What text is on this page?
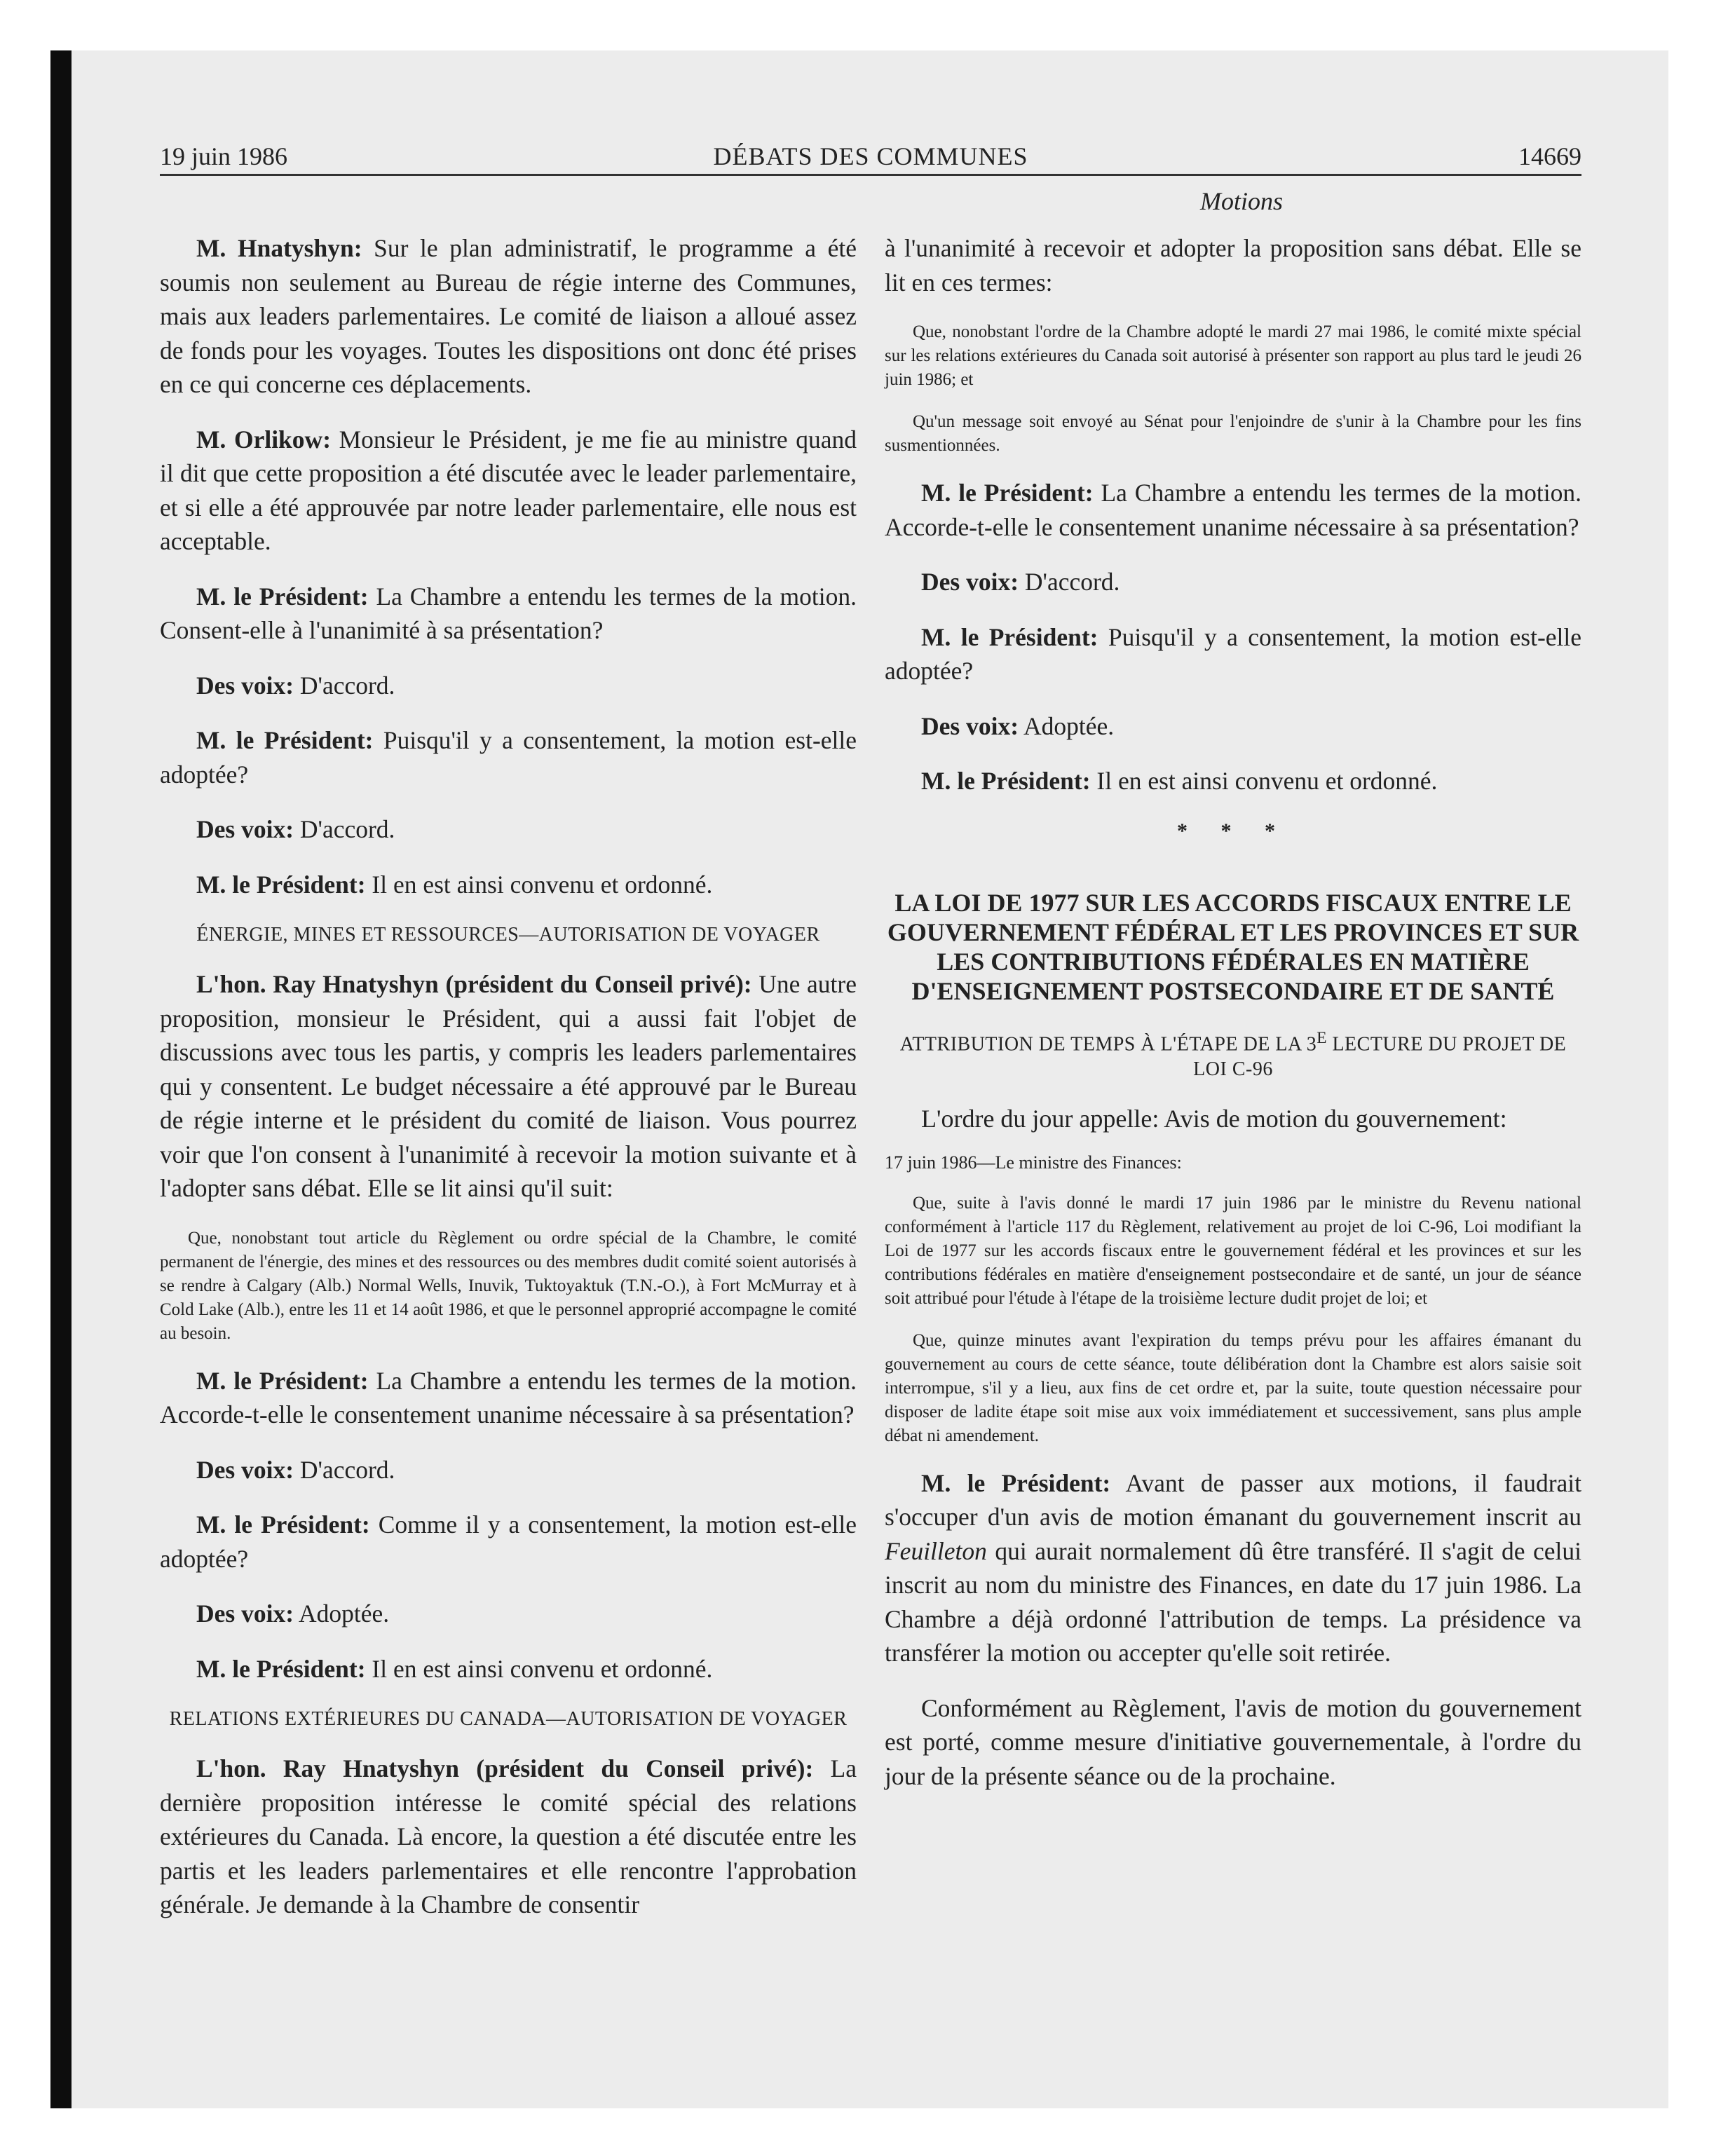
19 juin 1986	DÉBATS DES COMMUNES	14669
Motions

M. Hnatyshyn: Sur le plan administratif, le programme a été soumis non seulement au Bureau de régie interne des Communes, mais aux leaders parlementaires. Le comité de liaison a alloué assez de fonds pour les voyages. Toutes les dispositions ont donc été prises en ce qui concerne ces déplacements.

M. Orlikow: Monsieur le Président, je me fie au ministre quand il dit que cette proposition a été discutée avec le leader parlementaire, et si elle a été approuvée par notre leader parlementaire, elle nous est acceptable.

M. le Président: La Chambre a entendu les termes de la motion. Consent-elle à l'unanimité à sa présentation?

Des voix: D'accord.

M. le Président: Puisqu'il y a consentement, la motion est-elle adoptée?

Des voix: D'accord.

M. le Président: Il en est ainsi convenu et ordonné.

ÉNERGIE, MINES ET RESSOURCES—AUTORISATION DE VOYAGER

L'hon. Ray Hnatyshyn (président du Conseil privé): Une autre proposition, monsieur le Président, qui a aussi fait l'objet de discussions avec tous les partis, y compris les leaders parlementaires qui y consentent. Le budget nécessaire a été approuvé par le Bureau de régie interne et le président du comité de liaison. Vous pourrez voir que l'on consent à l'unanimité à recevoir la motion suivante et à l'adopter sans débat. Elle se lit ainsi qu'il suit:

Que, nonobstant tout article du Règlement ou ordre spécial de la Chambre, le comité permanent de l'énergie, des mines et des ressources ou des membres dudit comité soient autorisés à se rendre à Calgary (Alb.) Normal Wells, Inuvik, Tuktoyaktuk (T.N.-O.), à Fort McMurray et à Cold Lake (Alb.), entre les 11 et 14 août 1986, et que le personnel approprié accompagne le comité au besoin.

M. le Président: La Chambre a entendu les termes de la motion. Accorde-t-elle le consentement unanime nécessaire à sa présentation?

Des voix: D'accord.

M. le Président: Comme il y a consentement, la motion est-elle adoptée?

Des voix: Adoptée.

M. le Président: Il en est ainsi convenu et ordonné.

RELATIONS EXTÉRIEURES DU CANADA—AUTORISATION DE VOYAGER

L'hon. Ray Hnatyshyn (président du Conseil privé): La dernière proposition intéresse le comité spécial des relations extérieures du Canada. Là encore, la question a été discutée entre les partis et les leaders parlementaires et elle rencontre l'approbation générale. Je demande à la Chambre de consentir

à l'unanimité à recevoir et adopter la proposition sans débat. Elle se lit en ces termes:

Que, nonobstant l'ordre de la Chambre adopté le mardi 27 mai 1986, le comité mixte spécial sur les relations extérieures du Canada soit autorisé à présenter son rapport au plus tard le jeudi 26 juin 1986; et

Qu'un message soit envoyé au Sénat pour l'enjoindre de s'unir à la Chambre pour les fins susmentionnées.

M. le Président: La Chambre a entendu les termes de la motion. Accorde-t-elle le consentement unanime nécessaire à sa présentation?

Des voix: D'accord.

M. le Président: Puisqu'il y a consentement, la motion est-elle adoptée?

Des voix: Adoptée.

M. le Président: Il en est ainsi convenu et ordonné.

* * *

LA LOI DE 1977 SUR LES ACCORDS FISCAUX ENTRE LE GOUVERNEMENT FÉDÉRAL ET LES PROVINCES ET SUR LES CONTRIBUTIONS FÉDÉRALES EN MATIÈRE D'ENSEIGNEMENT POSTSECONDAIRE ET DE SANTÉ

ATTRIBUTION DE TEMPS À L'ÉTAPE DE LA $3^E$ LECTURE DU PROJET DE LOI C-96

L'ordre du jour appelle: Avis de motion du gouvernement:

17 juin 1986—Le ministre des Finances:

Que, suite à l'avis donné le mardi 17 juin 1986 par le ministre du Revenu national conformément à l'article 117 du Règlement, relativement au projet de loi C-96, Loi modifiant la Loi de 1977 sur les accords fiscaux entre le gouvernement fédéral et les provinces et sur les contributions fédérales en matière d'enseignement postsecondaire et de santé, un jour de séance soit attribué pour l'étude à l'étape de la troisième lecture dudit projet de loi; et

Que, quinze minutes avant l'expiration du temps prévu pour les affaires émanant du gouvernement au cours de cette séance, toute délibération dont la Chambre est alors saisie soit interrompue, s'il y a lieu, aux fins de cet ordre et, par la suite, toute question nécessaire pour disposer de ladite étape soit mise aux voix immédiatement et successivement, sans plus ample débat ni amendement.

M. le Président: Avant de passer aux motions, il faudrait s'occuper d'un avis de motion émanant du gouvernement inscrit au Feuilleton qui aurait normalement dû être transféré. Il s'agit de celui inscrit au nom du ministre des Finances, en date du 17 juin 1986. La Chambre a déjà ordonné l'attribution de temps. La présidence va transférer la motion ou accepter qu'elle soit retirée.

Conformément au Règlement, l'avis de motion du gouvernement est porté, comme mesure d'initiative gouvernementale, à l'ordre du jour de la présente séance ou de la prochaine.
